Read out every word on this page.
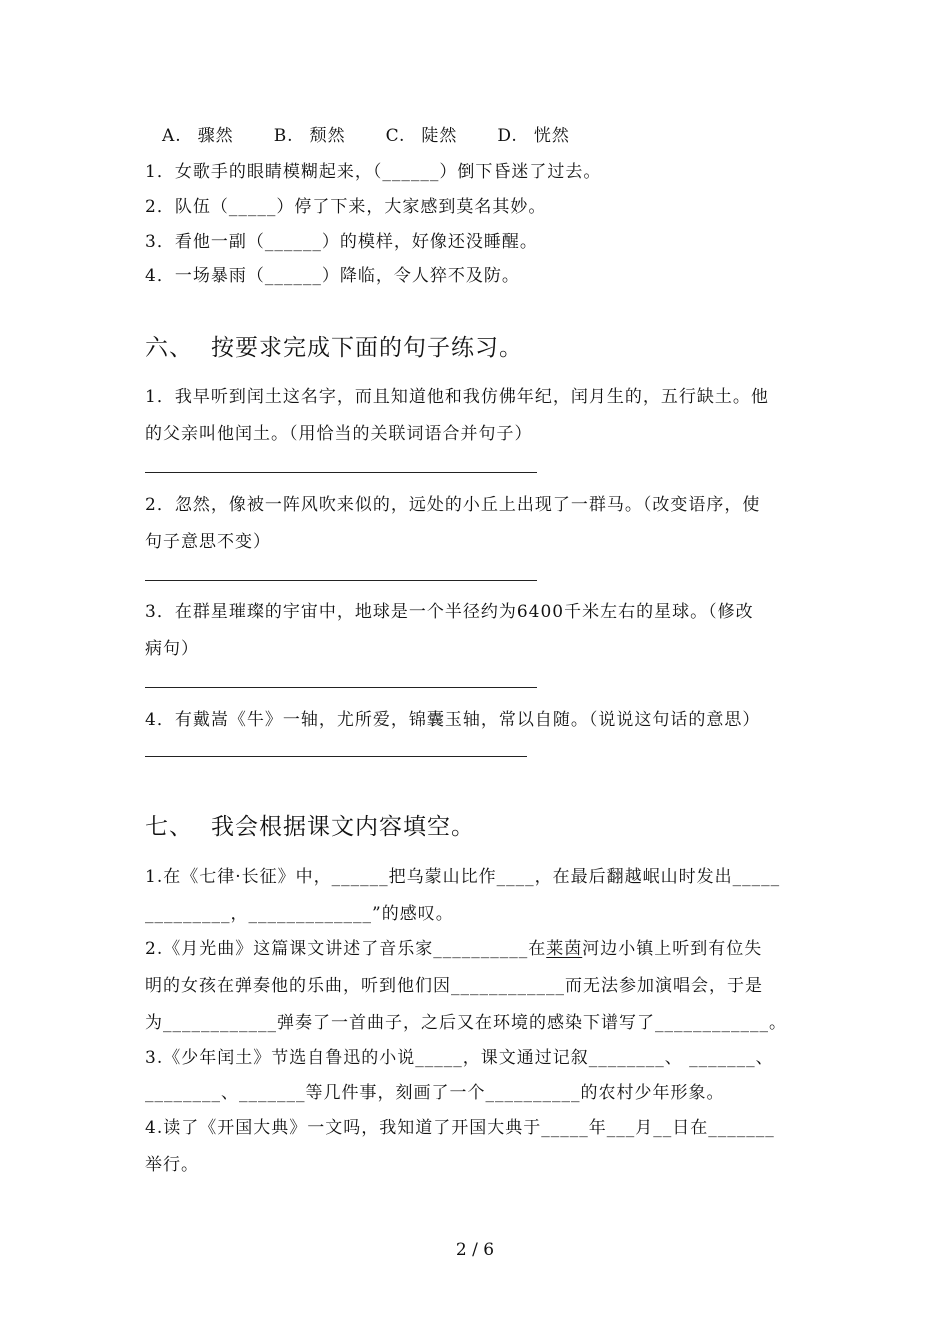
A. 骤然 B. 颓然 C. 陡然 D. 恍然
1．女歌手的眼睛模糊起来，（______）倒下昏迷了过去。
2．队伍（_____）停了下来，大家感到莫名其妙。
3．看他一副（______）的模样，好像还没睡醒。
4．一场暴雨（______）降临，令人猝不及防。
六、 按要求完成下面的句子练习。
1．我早听到闰土这名字，而且知道他和我仿佛年纪，闰月生的，五行缺土。他
的父亲叫他闰土。（用恰当的关联词语合并句子）
2．忽然，像被一阵风吹来似的，远处的小丘上出现了一群马。（改变语序，使
句子意思不变）
3．在群星璀璨的宇宙中，地球是一个半径约为6400千米左右的星球。（修改
病句）
4．有戴嵩《牛》一轴，尤所爱，锦囊玉轴，常以自随。（说说这句话的意思）
七、 我会根据课文内容填空。
1.在《七律·长征》中，______把乌蒙山比作____，在最后翻越岷山时发出_____
_________，_____________”的感叹。
2.《月光曲》这篇课文讲述了音乐家__________在莱茵河边小镇上听到有位失
明的女孩在弹奏他的乐曲，听到他们因____________而无法参加演唱会，于是
为____________弹奏了一首曲子，之后又在环境的感染下谱写了____________。
3.《少年闰土》节选自鲁迅的小说_____，课文通过记叙________、 _______、
________、_______等几件事，刻画了一个__________的农村少年形象。
4.读了《开国大典》一文吗，我知道了开国大典于_____年___月__日在_______
举行。
2 / 6
